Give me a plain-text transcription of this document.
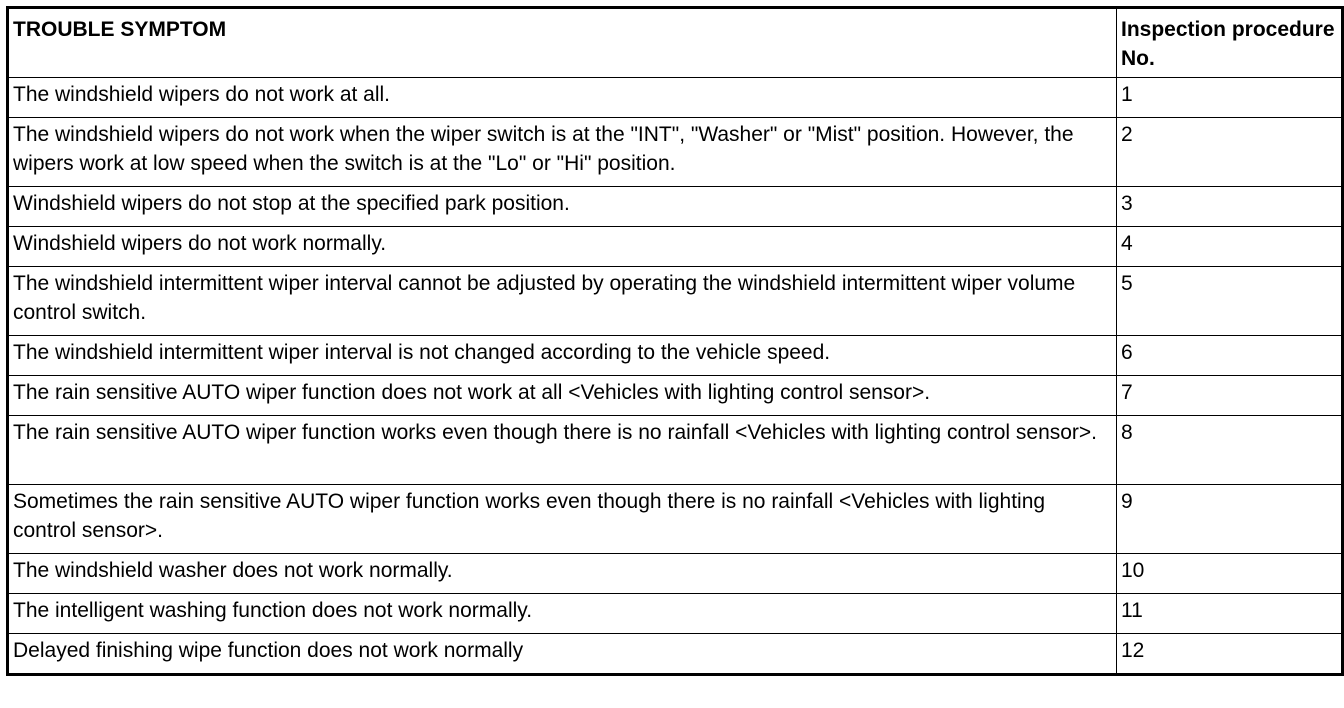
TROUBLE SYMPTOM	Inspection procedure No.
The windshield wipers do not work at all.	1
The windshield wipers do not work when the wiper switch is at the "INT", "Washer" or "Mist" position. However, the wipers work at low speed when the switch is at the "Lo" or "Hi" position.	2
Windshield wipers do not stop at the specified park position.	3
Windshield wipers do not work normally.	4
The windshield intermittent wiper interval cannot be adjusted by operating the windshield intermittent wiper volume control switch.	5
The windshield intermittent wiper interval is not changed according to the vehicle speed.	6
The rain sensitive AUTO wiper function does not work at all <Vehicles with lighting control sensor>.	7
The rain sensitive AUTO wiper function works even though there is no rainfall <Vehicles with lighting control sensor>.	8
Sometimes the rain sensitive AUTO wiper function works even though there is no rainfall <Vehicles with lighting control sensor>.	9
The windshield washer does not work normally.	10
The intelligent washing function does not work normally.	11
Delayed finishing wipe function does not work normally	12
